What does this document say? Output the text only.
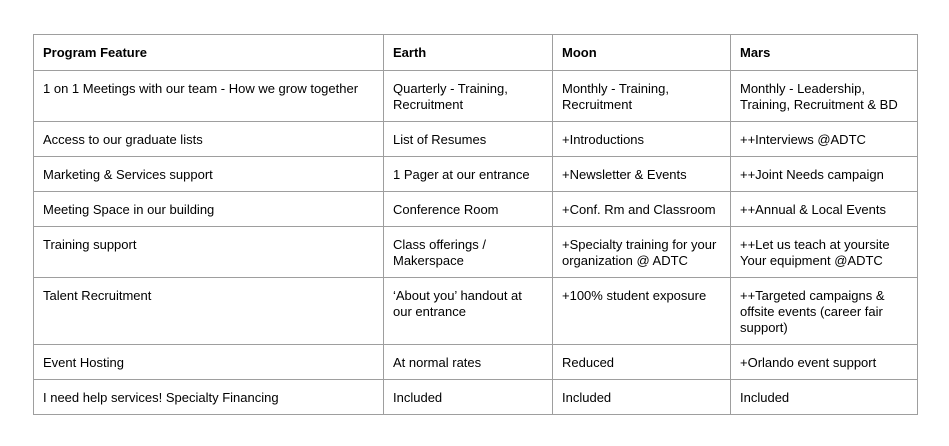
Program Feature	Earth	Moon	Mars
1 on 1 Meetings with our team - How we grow together	Quarterly - Training, Recruitment	Monthly - Training, Recruitment	Monthly - Leadership, Training, Recruitment & BD
Access to our graduate lists	List of Resumes	+Introductions	++Interviews @ADTC
Marketing & Services support	1 Pager at our entrance	+Newsletter & Events	++Joint Needs campaign
Meeting Space in our building	Conference Room	+Conf. Rm and Classroom	++Annual & Local Events
Training support	Class offerings / Makerspace	+Specialty training for your organization @ ADTC	++Let us teach at yoursite Your equipment @ADTC
Talent Recruitment	‘About you’ handout at our entrance	+100% student exposure	++Targeted campaigns & offsite events (career fair support)
Event Hosting	At normal rates	Reduced	+Orlando event support
I need help services! Specialty Financing	Included	Included	Included
